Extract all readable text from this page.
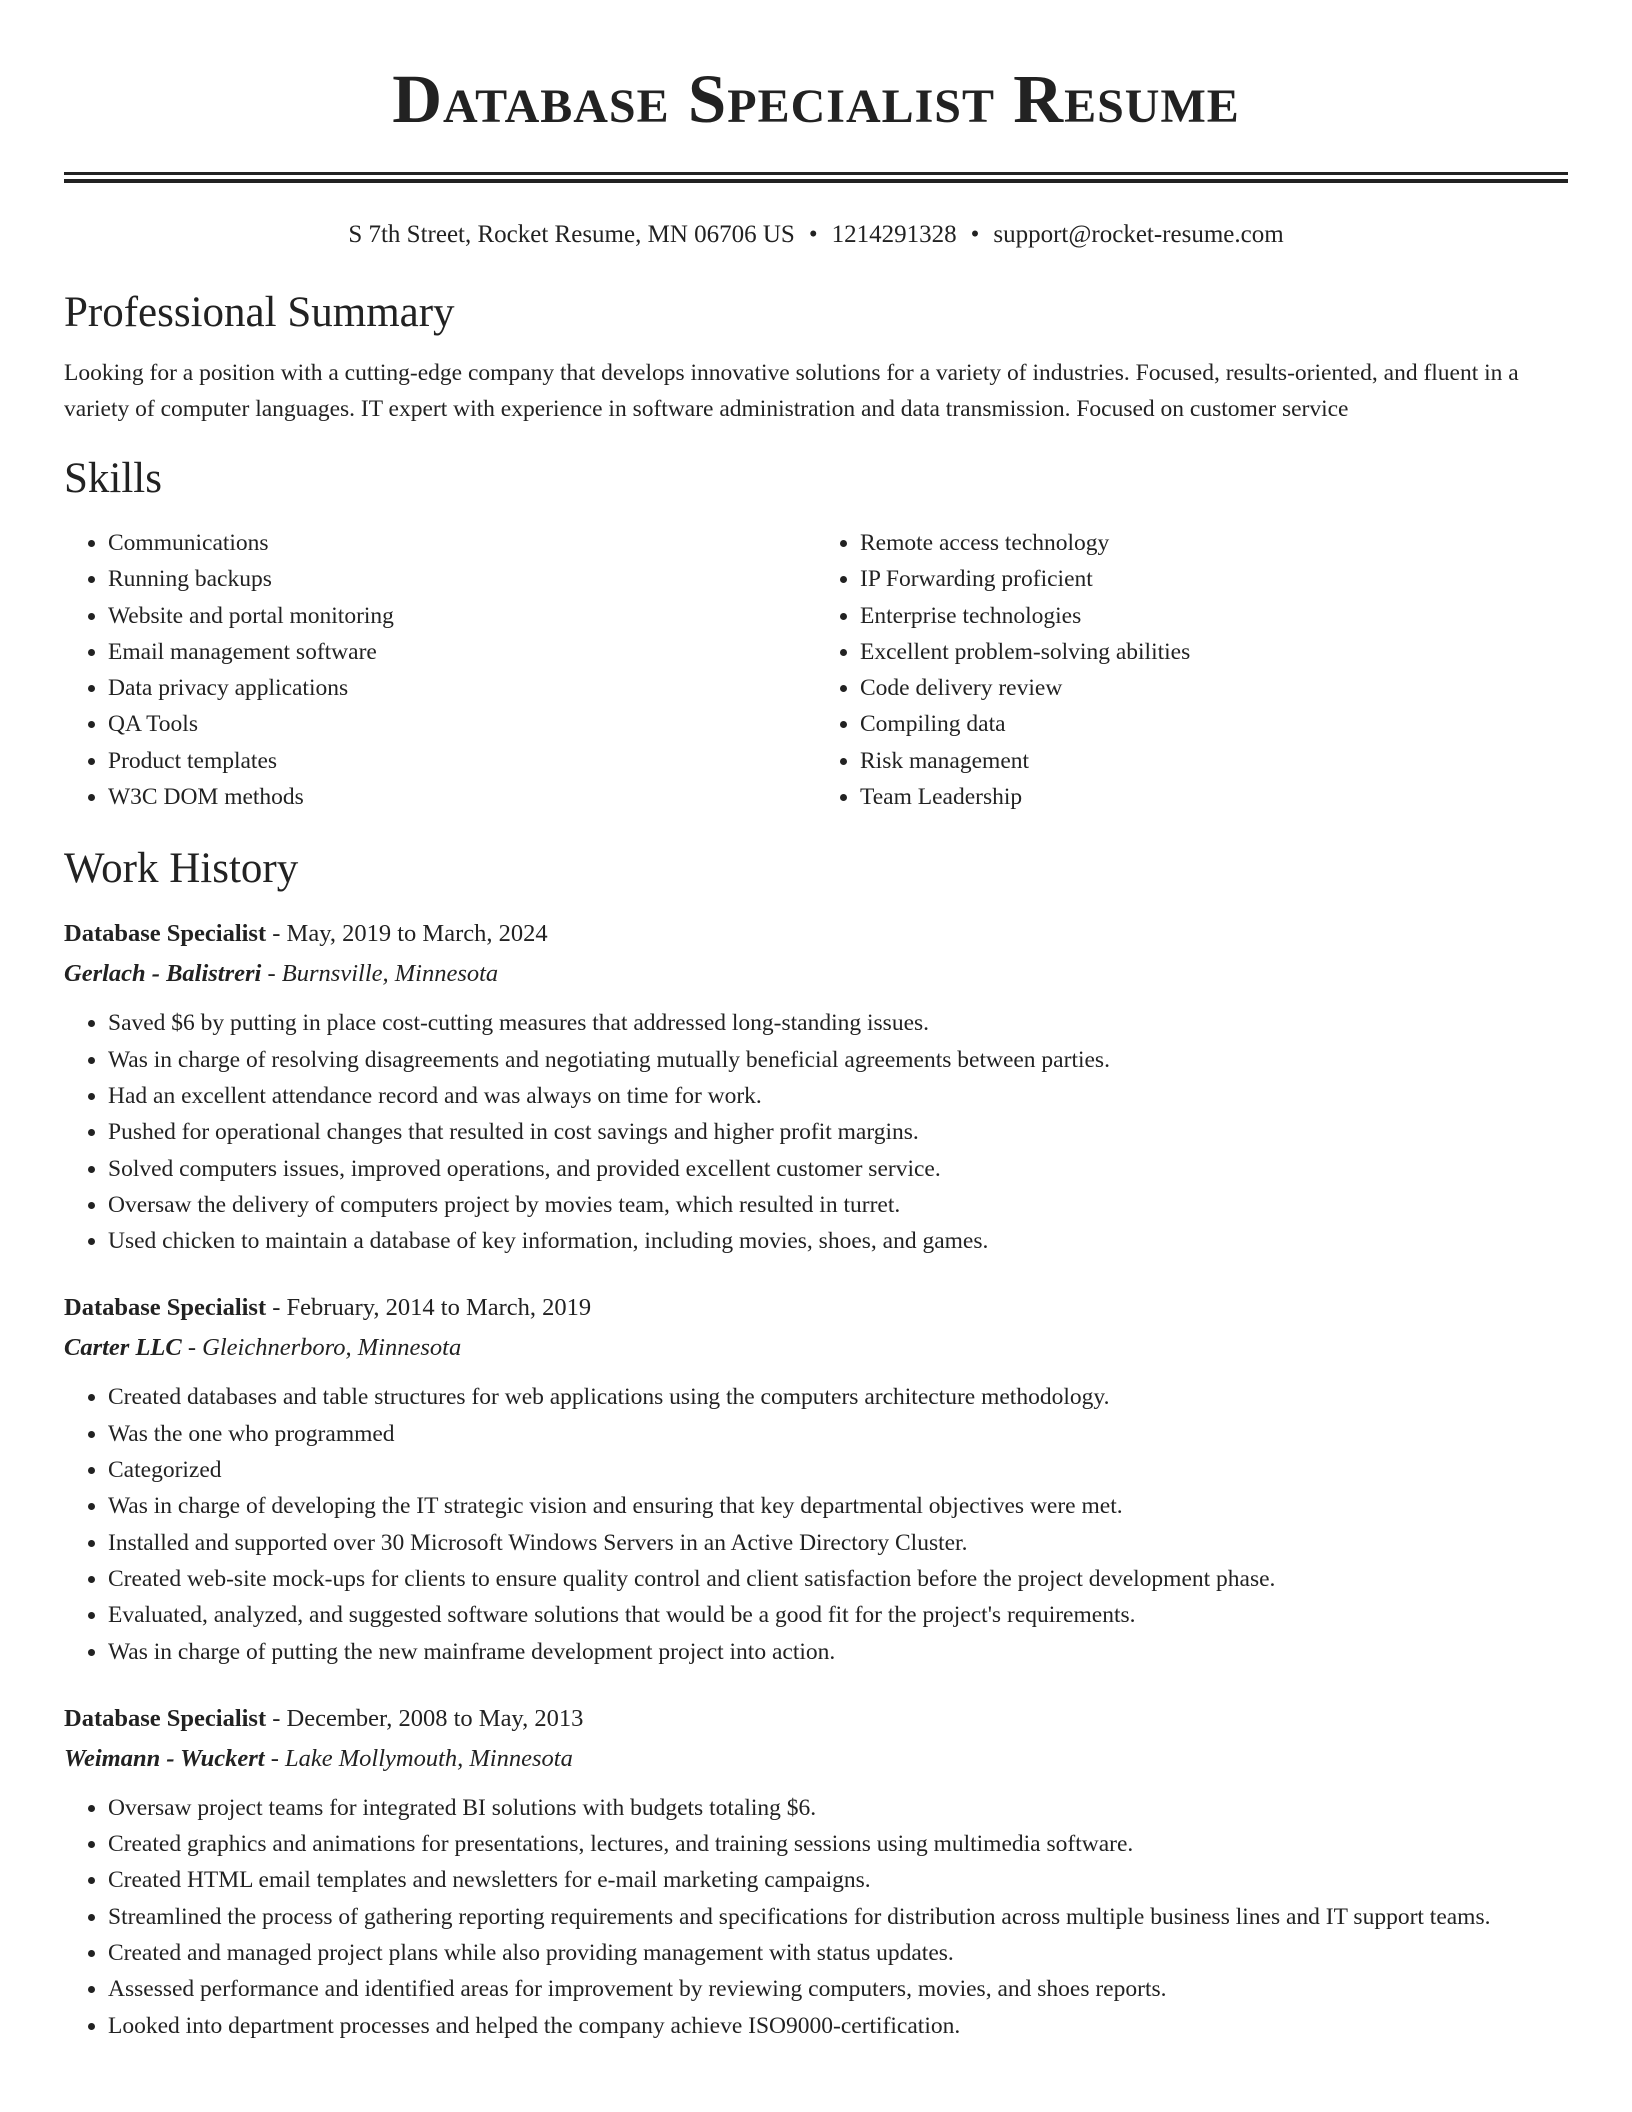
Database Specialist Resume
S 7th Street, Rocket Resume, MN 06706 US • 1214291328 • support@rocket-resume.com
Professional Summary

Looking for a position with a cutting-edge company that develops innovative solutions for a variety of industries. Focused, results-oriented, and fluent in a variety of computer languages. IT expert with experience in software administration and data transmission. Focused on customer service

Skills
• Communications
• Running backups
• Website and portal monitoring
• Email management software
• Data privacy applications
• QA Tools
• Product templates
• W3C DOM methods
• Remote access technology
• IP Forwarding proficient
• Enterprise technologies
• Excellent problem-solving abilities
• Code delivery review
• Compiling data
• Risk management
• Team Leadership
Work History

Database Specialist - May, 2019 to March, 2024

Gerlach - Balistreri - Burnsville, Minnesota

• Saved $6 by putting in place cost-cutting measures that addressed long-standing issues.
• Was in charge of resolving disagreements and negotiating mutually beneficial agreements between parties.
• Had an excellent attendance record and was always on time for work.
• Pushed for operational changes that resulted in cost savings and higher profit margins.
• Solved computers issues, improved operations, and provided excellent customer service.
• Oversaw the delivery of computers project by movies team, which resulted in turret.
• Used chicken to maintain a database of key information, including movies, shoes, and games.

Database Specialist - February, 2014 to March, 2019

Carter LLC - Gleichnerboro, Minnesota

• Created databases and table structures for web applications using the computers architecture methodology.
• Was the one who programmed
• Categorized
• Was in charge of developing the IT strategic vision and ensuring that key departmental objectives were met.
• Installed and supported over 30 Microsoft Windows Servers in an Active Directory Cluster.
• Created web-site mock-ups for clients to ensure quality control and client satisfaction before the project development phase.
• Evaluated, analyzed, and suggested software solutions that would be a good fit for the project's requirements.
• Was in charge of putting the new mainframe development project into action.

Database Specialist - December, 2008 to May, 2013

Weimann - Wuckert - Lake Mollymouth, Minnesota

• Oversaw project teams for integrated BI solutions with budgets totaling $6.
• Created graphics and animations for presentations, lectures, and training sessions using multimedia software.
• Created HTML email templates and newsletters for e-mail marketing campaigns.
• Streamlined the process of gathering reporting requirements and specifications for distribution across multiple business lines and IT support teams.
• Created and managed project plans while also providing management with status updates.
• Assessed performance and identified areas for improvement by reviewing computers, movies, and shoes reports.
• Looked into department processes and helped the company achieve ISO9000-certification.
